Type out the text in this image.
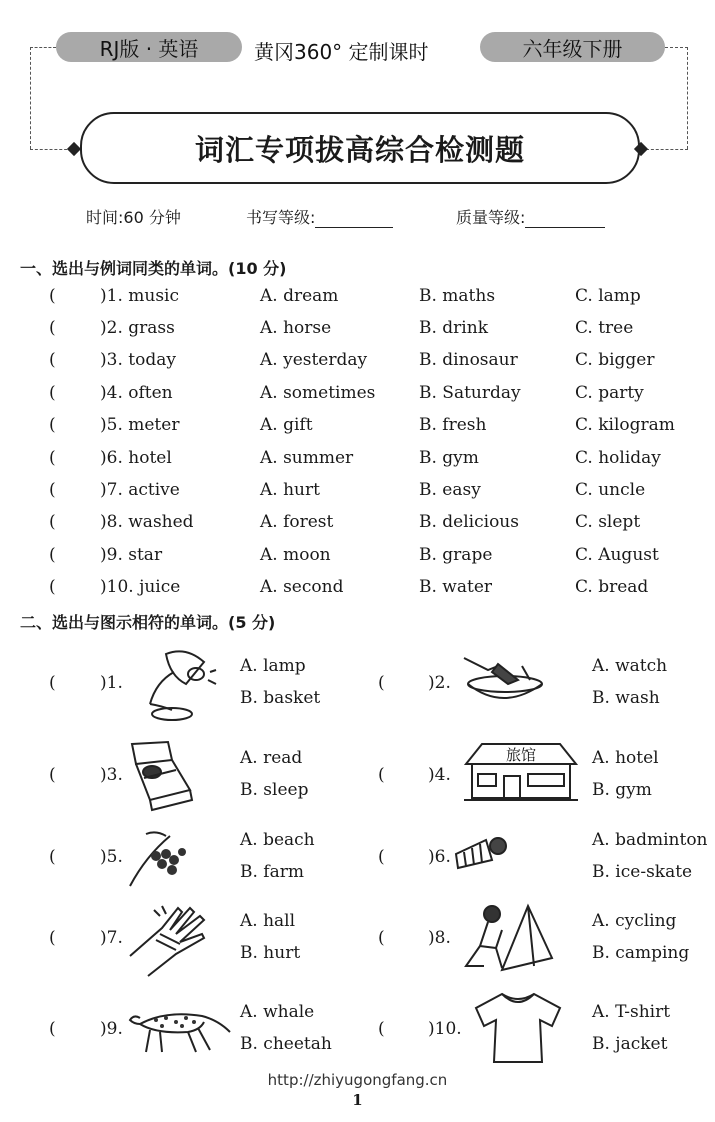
RJ版 · 英语	黄冈360° 定制课时	六年级下册
词汇专项拔高综合检测题
时间:60 分钟	书写等级:	质量等级:
一、选出与例词同类的单词。(10 分)
(	)1. music	A. dream	B. maths	C. lamp
(	)2. grass	A. horse	B. drink	C. tree
(	)3. today	A. yesterday	B. dinosaur	C. bigger
(	)4. often	A. sometimes	B. Saturday	C. party
(	)5. meter	A. gift	B. fresh	C. kilogram
(	)6. hotel	A. summer	B. gym	C. holiday
(	)7. active	A. hurt	B. easy	C. uncle
(	)8. washed	A. forest	B. delicious	C. slept
(	)9. star	A. moon	B. grape	C. August
(	)10. juice	A. second	B. water	C. bread
二、选出与图示相符的单词。(5 分)
(	)1.
A. lamp
B. basket
(	)2.
A. watch
B. wash
(	)3.
A. read
B. sleep
(	)4.
A. hotel
B. gym
旅馆
(	)5.
A. beach
B. farm
(	)6.
A. badminton
B. ice-skate
(	)7.
A. hall
B. hurt
(	)8.
A. cycling
B. camping
(	)9.
A. whale
B. cheetah
(	)10.
A. T-shirt
B. jacket
http://zhiyugongfang.cn
1
